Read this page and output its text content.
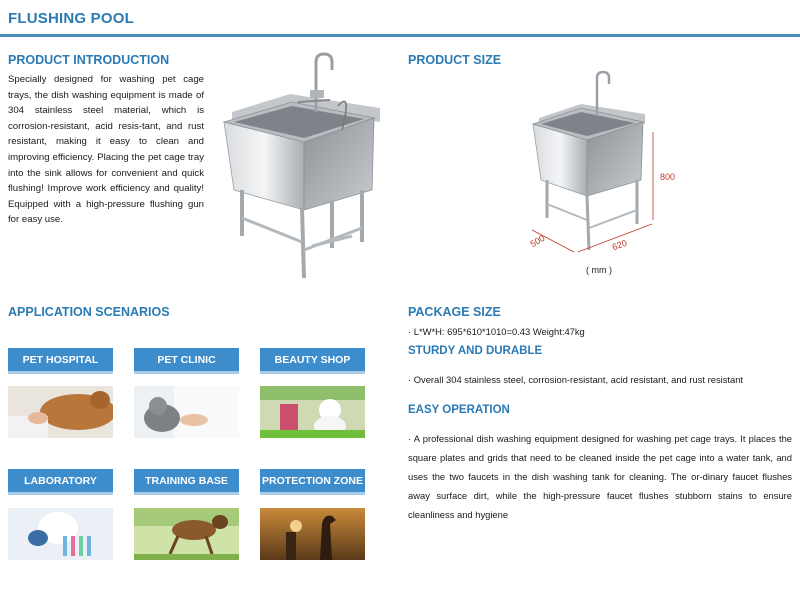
FLUSHING POOL
PRODUCT INTRODUCTION
Specially designed for washing pet cage trays, the dish washing equipment is made of 304 stainless steel material, which is corrosion-resistant, acid resis-tant, and rust resistant, making it easy to clean and improving efficiency. Placing the pet cage tray into the sink allows for convenient and quick flushing! Improve work efficiency and quality! Equipped with a high-pressure flushing gun for easy use.
PRODUCT SIZE
800
500	620
( mm )
APPLICATION SCENARIOS
PET HOSPITAL	PET CLINIC	BEAUTY SHOP
LABORATORY	TRAINING BASE	PROTECTION ZONE
PACKAGE SIZE
· L*W*H: 695*610*1010=0.43 Weight:47kg
STURDY AND DURABLE
· Overall 304 stainless steel, corrosion-resistant, acid resistant, and rust resistant
EASY OPERATION
· A professional dish washing equipment designed for washing pet cage trays. It places the square plates and grids that need to be cleaned inside the pet cage into a water tank, and uses the two faucets in the dish washing tank for cleaning. The or-dinary faucet flushes away surface dirt, while the high-pressure faucet flushes stubborn stains to ensure cleanliness and hygiene
